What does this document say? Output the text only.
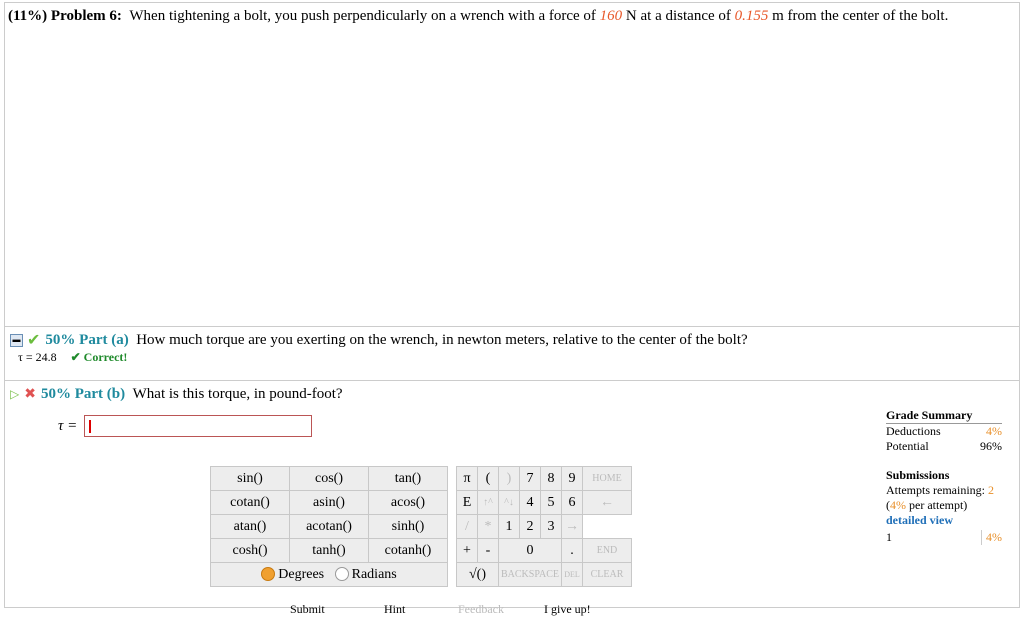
(11%) Problem 6: When tightening a bolt, you push perpendicularly on a wrench with a force of 160 N at a distance of 0.155 m from the center of the bolt.
▬ ✔ 50%
Part (a)
How much torque are you exerting on the wrench, in newton meters, relative to the center of the bolt?
τ = 24.8 ✔ Correct!
▷ ✖ 50%
Part (b)
What is this torque, in pound-foot?
τ =
sin()	cos()	tan()		π	(	)	7	8	9	HOME
cotan()	asin()	acos()		E	↑^	^↓	4	5	6	←
atan()	acotan()	sinh()		/	*	1	2	3	→
cosh()	tanh()	cotanh()		+	-	0			.	END
Degrees Radians				√()		BACKSPACE			DEL	CLEAR
Submit	Hint	Feedback	I give up!
Grade Summary
Deductions	4%
Potential	96%
Submissions
Attempts remaining: 2
(4% per attempt)
detailed view
1	4%
